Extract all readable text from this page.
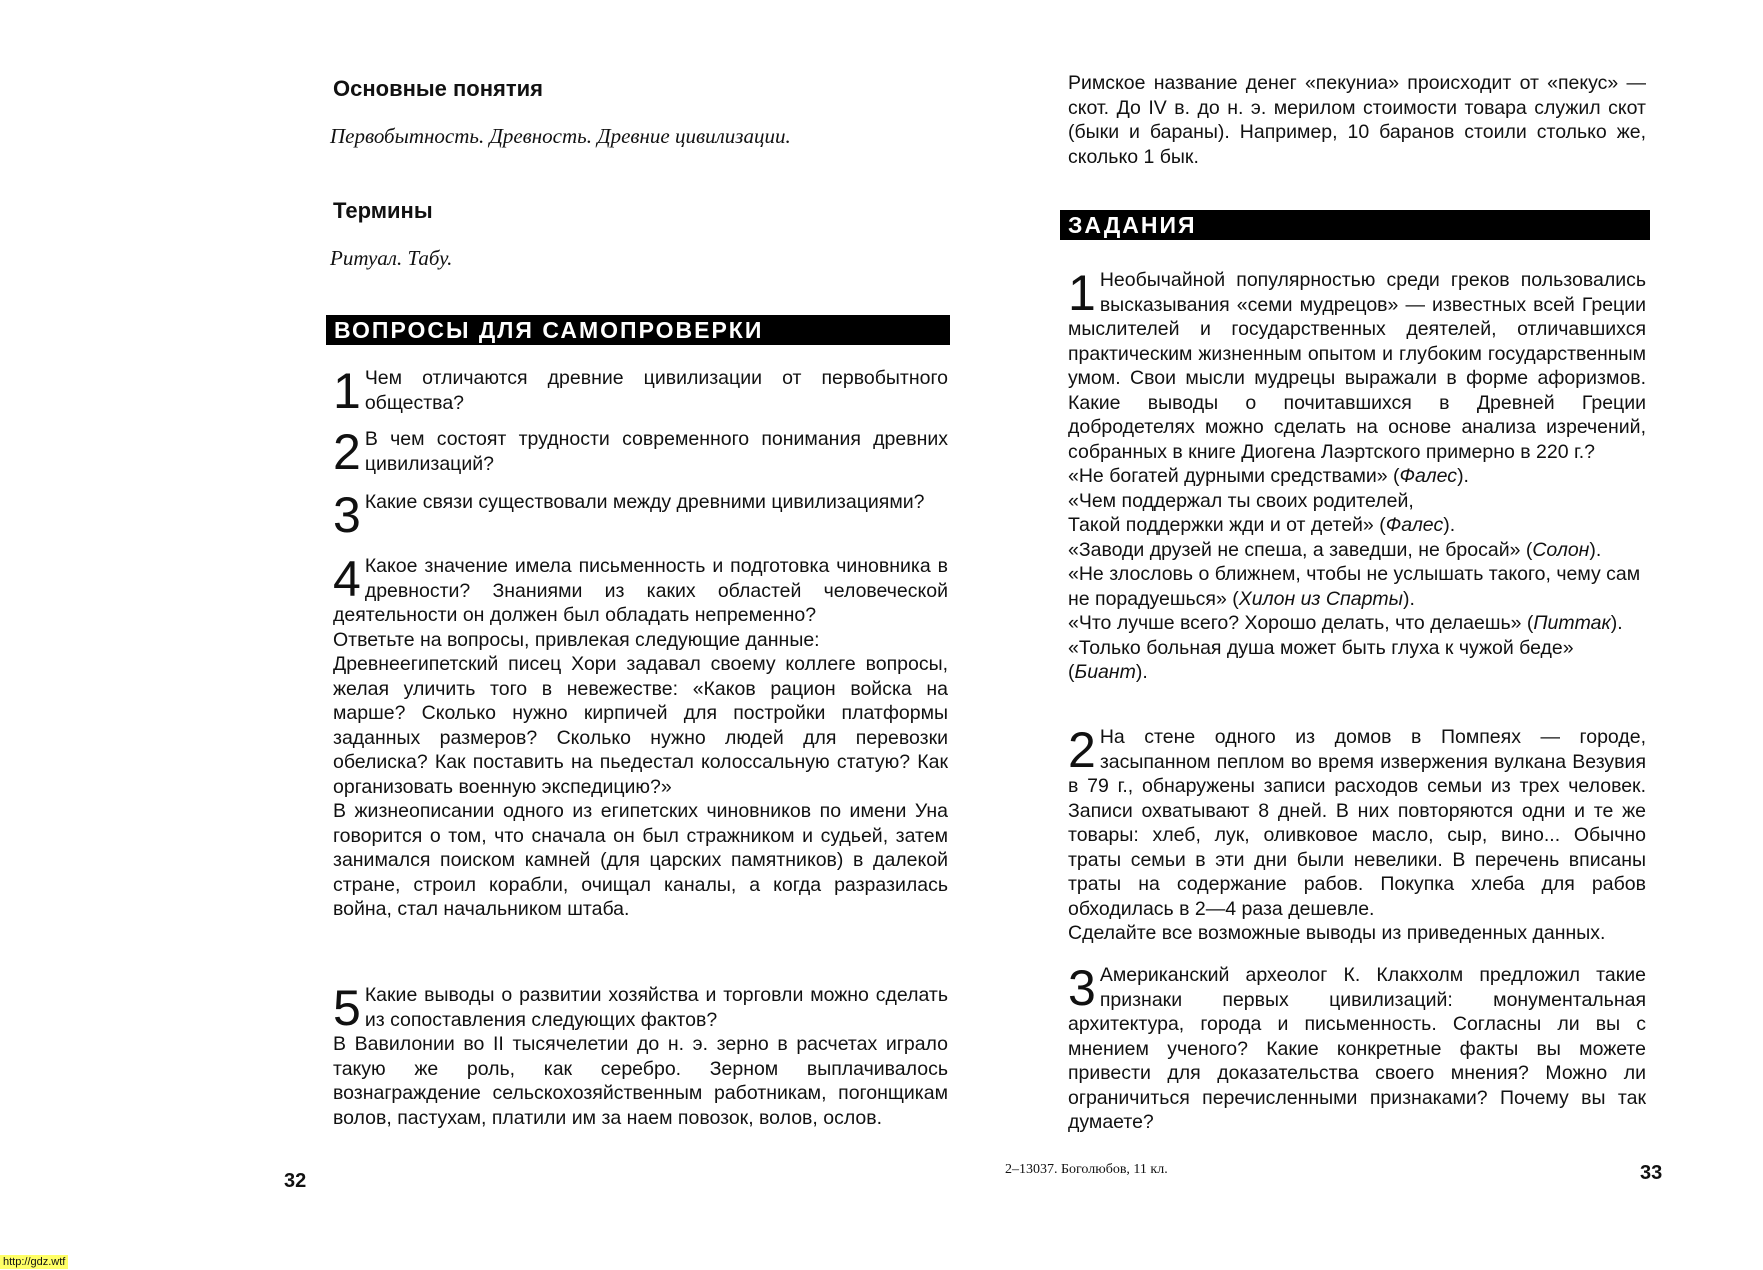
Основные понятия
Первобытность. Древность. Древние цивилизации.
Термины
Ритуал. Табу.
ВОПРОСЫ ДЛЯ САМОПРОВЕРКИ
1 Чем отличаются древние цивилизации от первобытного общества?

2 В чем состоят трудности современного понимания древних цивилизаций?

3 Какие связи существовали между древними цивилизациями?

4 Какое значение имела письменность и подготовка чиновника в древности? Знаниями из каких областей человеческой деятельности он должен был обладать непременно?

Ответьте на вопросы, привлекая следующие данные:

Древнеегипетский писец Хори задавал своему коллеге вопросы, желая уличить того в невежестве: «Каков рацион войска на марше? Сколько нужно кирпичей для постройки платформы заданных размеров? Сколько нужно людей для перевозки обелиска? Как поставить на пьедестал колоссальную статую? Как организовать военную экспедицию?»

В жизнеописании одного из египетских чиновников по имени Уна говорится о том, что сначала он был стражником и судьей, затем занимался поиском камней (для царских памятников) в далекой стране, строил корабли, очищал каналы, а когда разразилась война, стал начальником штаба.

5 Какие выводы о развитии хозяйства и торговли можно сделать из сопоставления следующих фактов?

В Вавилонии во II тысячелетии до н. э. зерно в расчетах играло такую же роль, как серебро. Зерном выплачивалось вознаграждение сельскохозяйственным работникам, погонщикам волов, пастухам, платили им за наем повозок, волов, ослов.

32

Римское название денег «пекуниа» происходит от «пекус» — скот. До IV в. до н. э. мерилом стоимости товара служил скот (быки и бараны). Например, 10 баранов стоили столько же, сколько 1 бык.

ЗАДАНИЯ
1 Необычайной популярностью среди греков пользовались высказывания «семи мудрецов» — известных всей Греции мыслителей и государственных деятелей, отличавшихся практическим жизненным опытом и глубоким государственным умом. Свои мысли мудрецы выражали в форме афоризмов. Какие выводы о почитавшихся в Древней Греции добродетелях можно сделать на основе анализа изречений, собранных в книге Диогена Лаэртского примерно в 220 г.?

«Не богатей дурными средствами» (Фалес).

«Чем поддержал ты своих родителей,

Такой поддержки жди и от детей» (Фалес).

«Заводи друзей не спеша, а заведши, не бросай» (Солон).

«Не злословь о ближнем, чтобы не услышать такого, чему сам не порадуешься» (Хилон из Спарты).

«Что лучше всего? Хорошо делать, что делаешь» (Питтак).

«Только больная душа может быть глуха к чужой беде» (Биант).

2 На стене одного из домов в Помпеях — городе, засыпанном пеплом во время извержения вулкана Везувия в 79 г., обнаружены записи расходов семьи из трех человек. Записи охватывают 8 дней. В них повторяются одни и те же товары: хлеб, лук, оливковое масло, сыр, вино... Обычно траты семьи в эти дни были невелики. В перечень вписаны траты на содержание рабов. Покупка хлеба для рабов обходилась в 2—4 раза дешевле.

Сделайте все возможные выводы из приведенных данных.

3 Американский археолог К. Клакхолм предложил такие признаки первых цивилизаций: монументальная архитектура, города и письменность. Согласны ли вы с мнением ученого? Какие конкретные факты вы можете привести для доказательства своего мнения? Можно ли ограничиться перечисленными признаками? Почему вы так думаете?

2–13037. Боголюбов, 11 кл.	33
http://gdz.wtf
